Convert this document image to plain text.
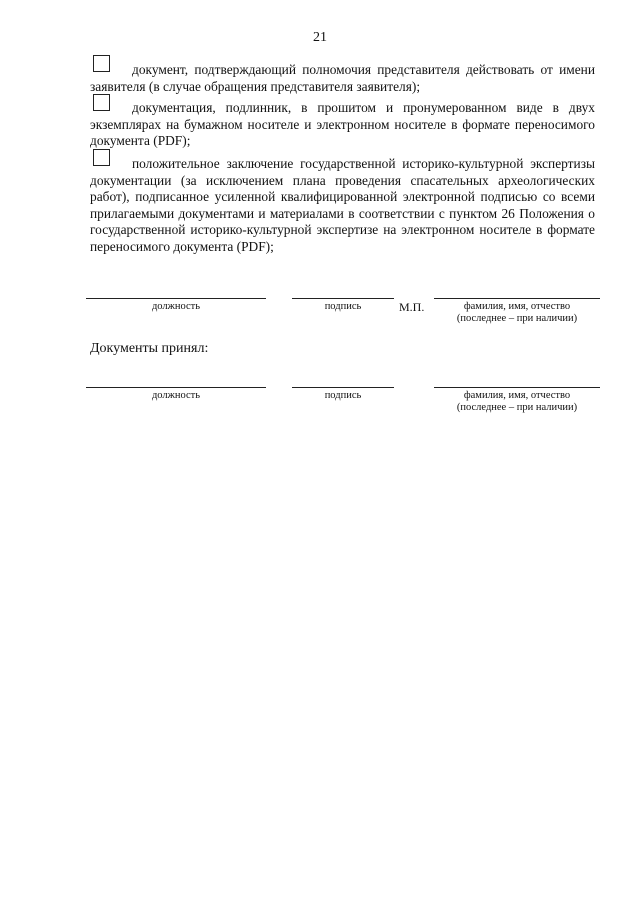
21
документ, подтверждающий полномочия представителя действовать от имени заявителя (в случае обращения представителя заявителя);
документация, подлинник, в прошитом и пронумерованном виде в двух экземплярах на бумажном носителе и электронном носителе в формате переносимого документа (PDF);
положительное заключение государственной историко-культурной экспертизы документации (за исключением плана проведения спасательных археологических работ), подписанное усиленной квалифицированной электронной подписью со всеми прилагаемыми документами и материалами в соответствии с пунктом 26 Положения о государственной историко-культурной экспертизе на электронном носителе в формате переносимого документа (PDF);
должность	подпись	М.П.	фамилия, имя, отчество
(последнее – при наличии)
Документы принял:
должность	подпись	фамилия, имя, отчество
(последнее – при наличии)
